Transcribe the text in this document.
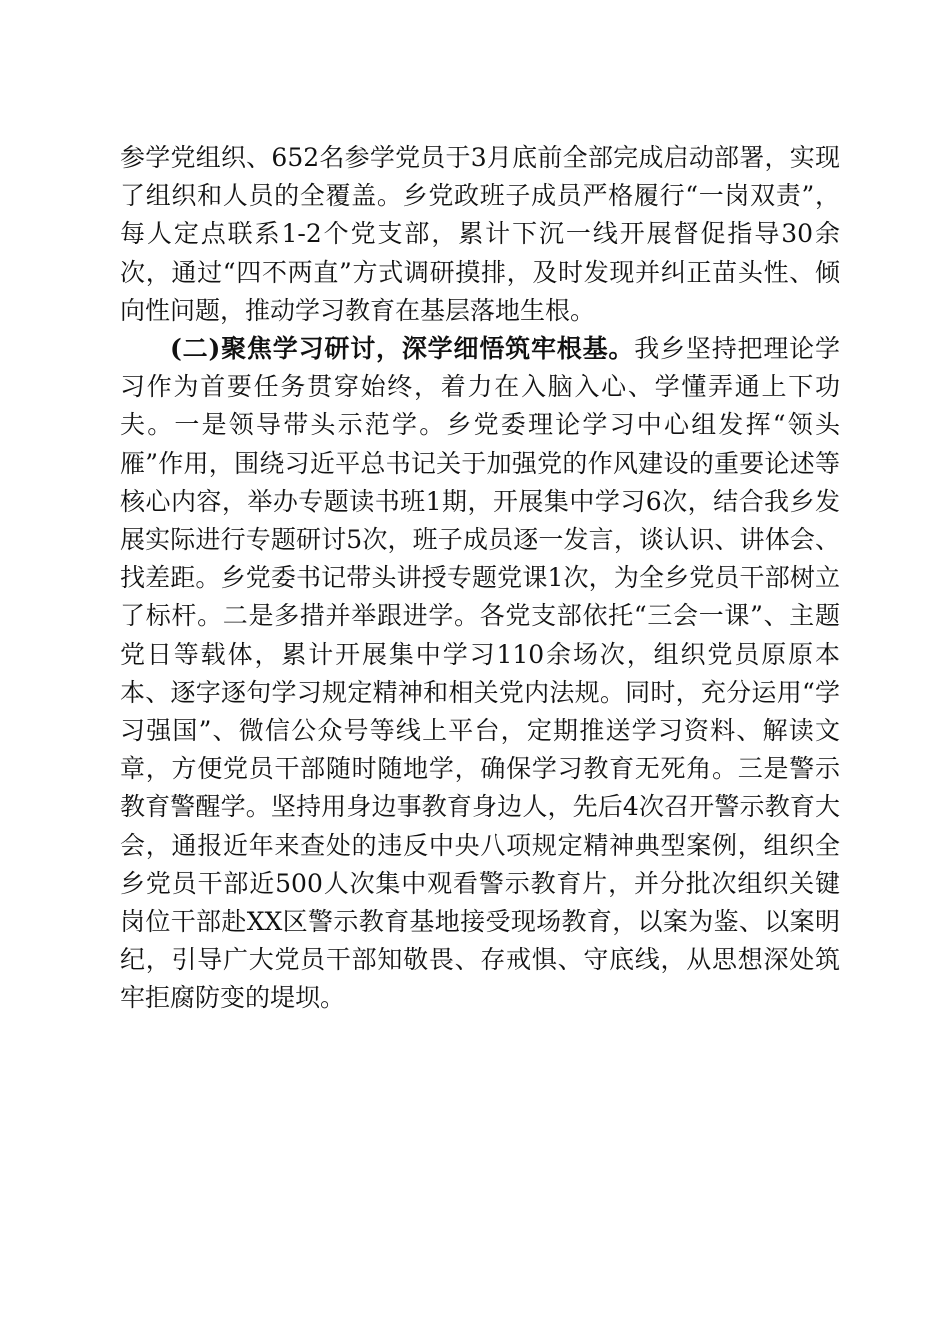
参学党组织、652名参学党员于3月底前全部完成启动部署，实现了组织和人员的全覆盖。乡党政班子成员严格履行“一岗双责”，每人定点联系1-2个党支部，累计下沉一线开展督促指导30余次，通过“四不两直”方式调研摸排，及时发现并纠正苗头性、倾向性问题，推动学习教育在基层落地生根。

(二)聚焦学习研讨，深学细悟筑牢根基。我乡坚持把理论学习作为首要任务贯穿始终，着力在入脑入心、学懂弄通上下功夫。一是领导带头示范学。乡党委理论学习中心组发挥“领头雁”作用，围绕习近平总书记关于加强党的作风建设的重要论述等核心内容，举办专题读书班1期，开展集中学习6次，结合我乡发展实际进行专题研讨5次，班子成员逐一发言，谈认识、讲体会、找差距。乡党委书记带头讲授专题党课1次，为全乡党员干部树立了标杆。二是多措并举跟进学。各党支部依托“三会一课”、主题党日等载体，累计开展集中学习110余场次，组织党员原原本本、逐字逐句学习规定精神和相关党内法规。同时，充分运用“学习强国”、微信公众号等线上平台，定期推送学习资料、解读文章，方便党员干部随时随地学，确保学习教育无死角。三是警示教育警醒学。坚持用身边事教育身边人，先后4次召开警示教育大会，通报近年来查处的违反中央八项规定精神典型案例，组织全乡党员干部近500人次集中观看警示教育片，并分批次组织关键岗位干部赴XX区警示教育基地接受现场教育，以案为鉴、以案明纪，引导广大党员干部知敬畏、存戒惧、守底线，从思想深处筑牢拒腐防变的堤坝。
